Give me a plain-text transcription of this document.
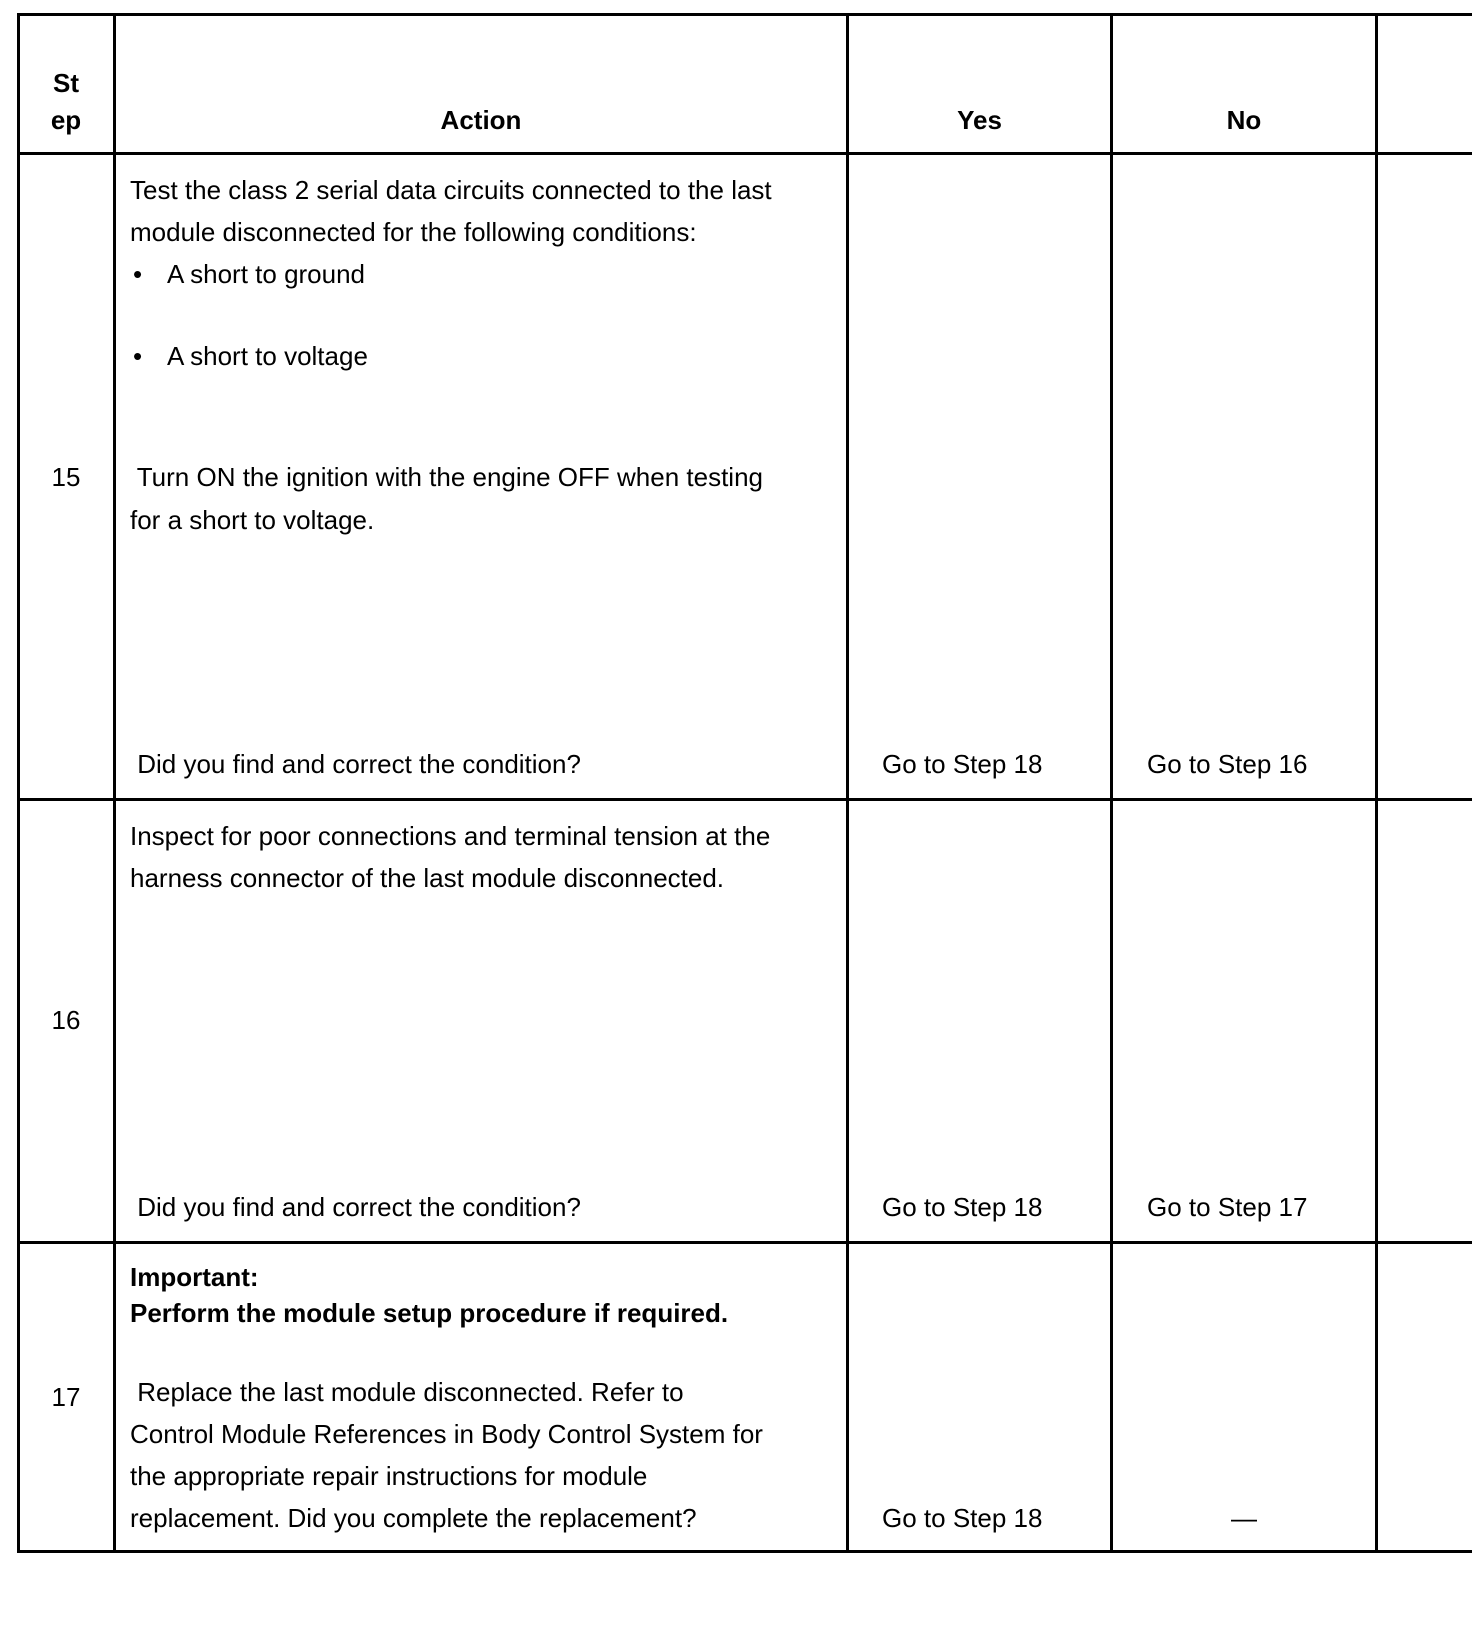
St
ep	Action	Yes	No
15
Test the class 2 serial data circuits connected to the last
module disconnected for the following conditions:
• A short to ground
• A short to voltage
Turn ON the ignition with the engine OFF when testing
for a short to voltage.
Did you find and correct the condition?	Go to Step 18	Go to Step 16
16
Inspect for poor connections and terminal tension at the
harness connector of the last module disconnected.
Did you find and correct the condition?	Go to Step 18	Go to Step 17
17
Important:
Perform the module setup procedure if required.
Replace the last module disconnected. Refer to
Control Module References in Body Control System for
the appropriate repair instructions for module
replacement. Did you complete the replacement?	Go to Step 18	—
